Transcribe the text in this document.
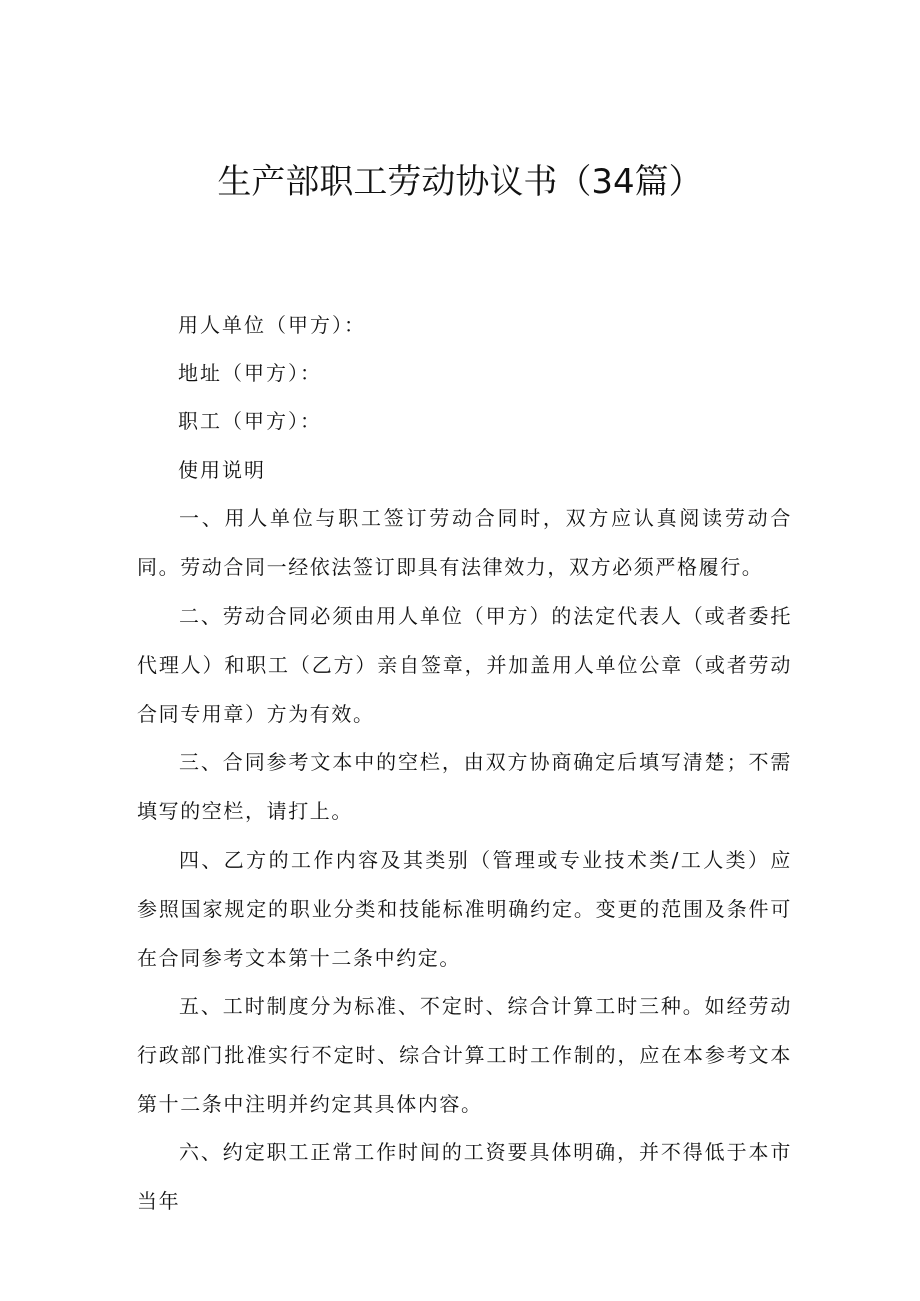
生产部职工劳动协议书（34篇）
用人单位（甲方）：
地址（甲方）：
职工（甲方）：
使用说明

一、用人单位与职工签订劳动合同时，双方应认真阅读劳动合同。劳动合同一经依法签订即具有法律效力，双方必须严格履行。

二、劳动合同必须由用人单位（甲方）的法定代表人（或者委托代理人）和职工（乙方）亲自签章，并加盖用人单位公章（或者劳动合同专用章）方为有效。

三、合同参考文本中的空栏，由双方协商确定后填写清楚；不需填写的空栏，请打上。

四、乙方的工作内容及其类别（管理或专业技术类/工人类）应参照国家规定的职业分类和技能标准明确约定。变更的范围及条件可在合同参考文本第十二条中约定。

五、工时制度分为标准、不定时、综合计算工时三种。如经劳动行政部门批准实行不定时、综合计算工时工作制的，应在本参考文本第十二条中注明并约定其具体内容。

六、约定职工正常工作时间的工资要具体明确，并不得低于本市当年
